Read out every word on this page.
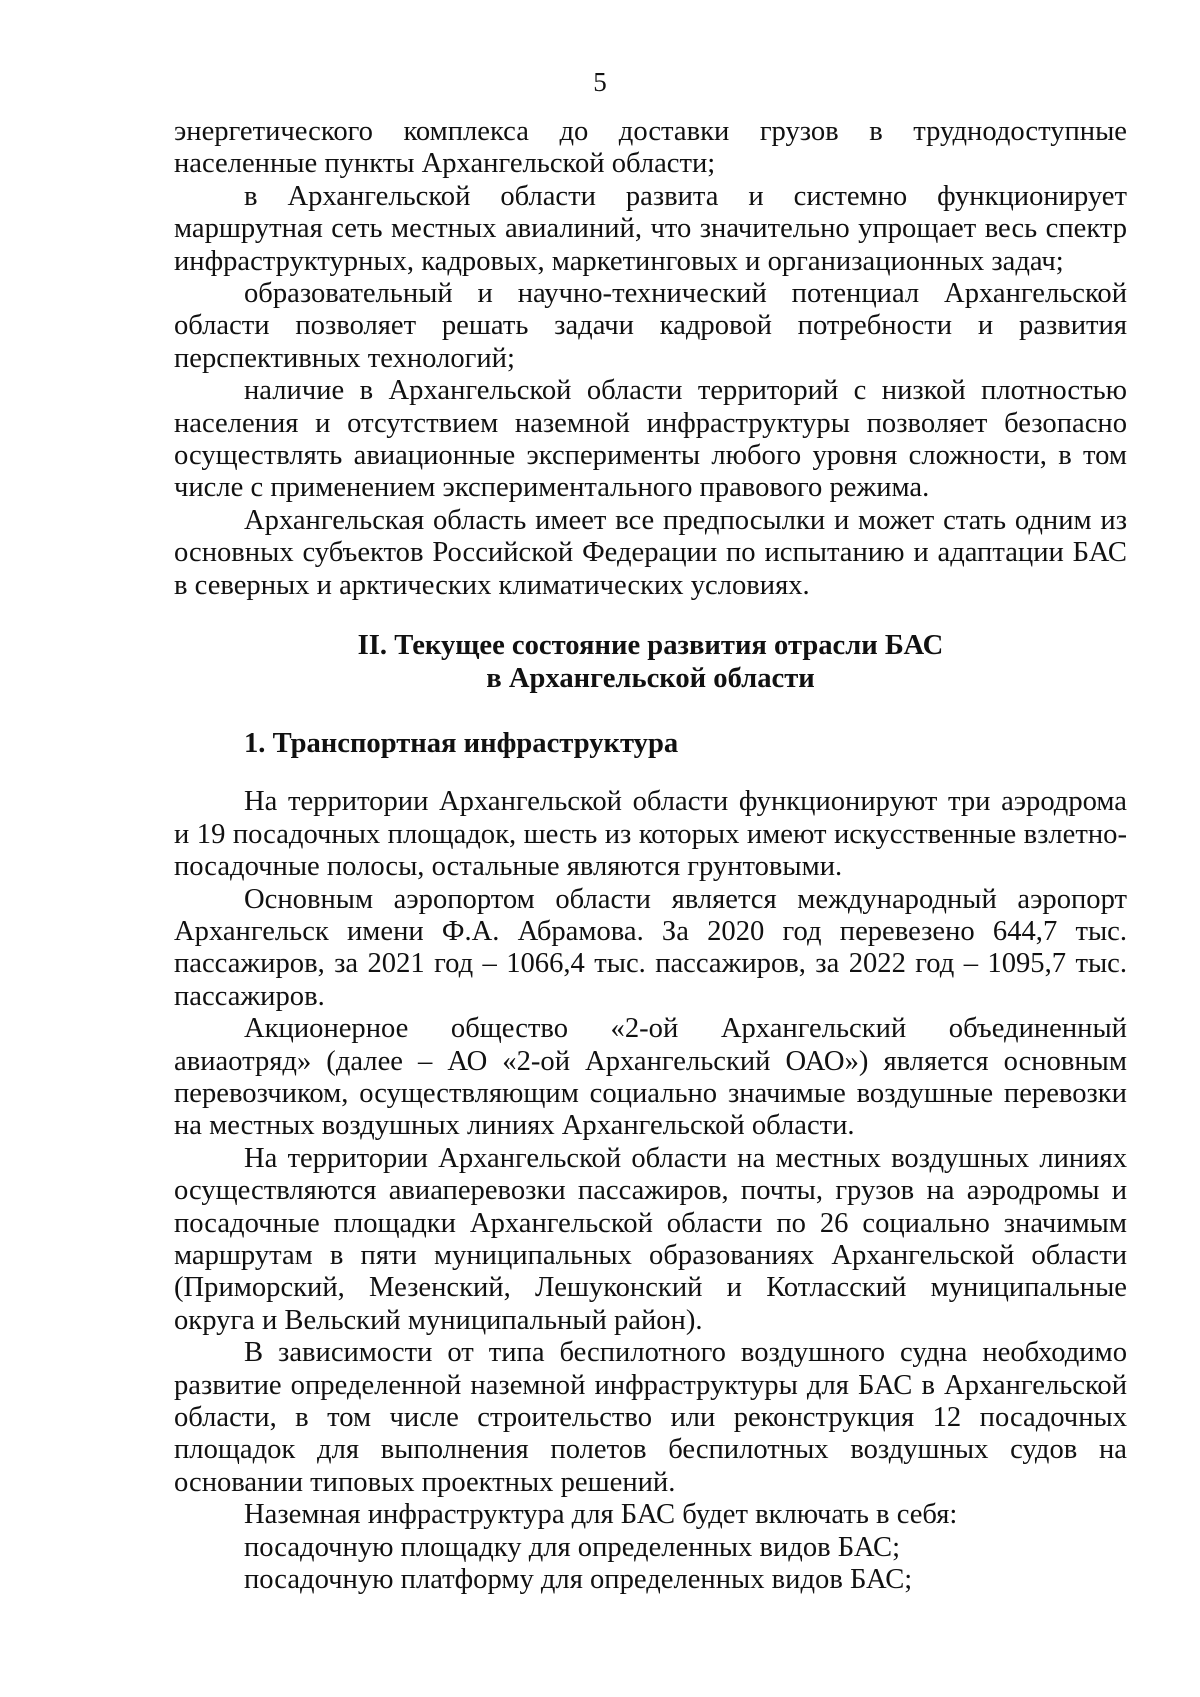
5

энергетического комплекса до доставки грузов в труднодоступные населенные пункты Архангельской области;

в Архангельской области развита и системно функционирует маршрутная сеть местных авиалиний, что значительно упрощает весь спектр инфраструктурных, кадровых, маркетинговых и организационных задач;

образовательный и научно-технический потенциал Архангельской области позволяет решать задачи кадровой потребности и развития перспективных технологий;

наличие в Архангельской области территорий с низкой плотностью населения и отсутствием наземной инфраструктуры позволяет безопасно осуществлять авиационные эксперименты любого уровня сложности, в том числе с применением экспериментального правового режима.

Архангельская область имеет все предпосылки и может стать одним из основных субъектов Российской Федерации по испытанию и адаптации БАС в северных и арктических климатических условиях.

II. Текущее состояние развития отрасли БАС
в Архангельской области
1. Транспортная инфраструктура

На территории Архангельской области функционируют три аэродрома и 19 посадочных площадок, шесть из которых имеют искусственные взлетно-посадочные полосы, остальные являются грунтовыми.

Основным аэропортом области является международный аэропорт Архангельск имени Ф.А. Абрамова. За 2020 год перевезено 644,7 тыс. пассажиров, за 2021 год – 1066,4 тыс. пассажиров, за 2022 год – 1095,7 тыс. пассажиров.

Акционерное общество «2-ой Архангельский объединенный авиаотряд» (далее – АО «2-ой Архангельский ОАО») является основным перевозчиком, осуществляющим социально значимые воздушные перевозки на местных воздушных линиях Архангельской области.

На территории Архангельской области на местных воздушных линиях осуществляются авиаперевозки пассажиров, почты, грузов на аэродромы и посадочные площадки Архангельской области по 26 социально значимым маршрутам в пяти муниципальных образованиях Архангельской области (Приморский, Мезенский, Лешуконский и Котласский муниципальные округа и Вельский муниципальный район).

В зависимости от типа беспилотного воздушного судна необходимо развитие определенной наземной инфраструктуры для БАС в Архангельской области, в том числе строительство или реконструкция 12 посадочных площадок для выполнения полетов беспилотных воздушных судов на основании типовых проектных решений.

Наземная инфраструктура для БАС будет включать в себя:

посадочную площадку для определенных видов БАС;

посадочную платформу для определенных видов БАС;
